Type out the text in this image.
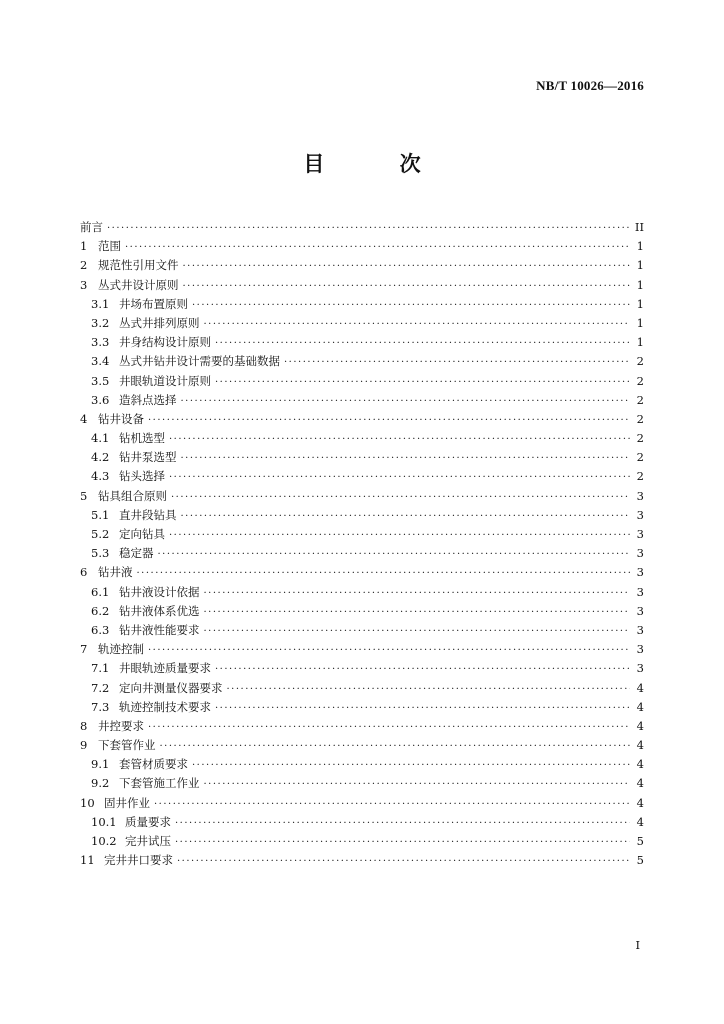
NB/T 10026—2016
目 次
前言 ·····	II
1 范围 ·····	1
2 规范性引用文件 ·····	1
3 丛式井设计原则 ·····	1
3.1 井场布置原则 ·····	1
3.2 丛式井排列原则 ·····	1
3.3 井身结构设计原则 ·····	1
3.4 丛式井钻井设计需要的基础数据 ·····	2
3.5 井眼轨道设计原则 ·····	2
3.6 造斜点选择 ·····	2
4 钻井设备 ·····	2
4.1 钻机选型 ·····	2
4.2 钻井泵选型 ·····	2
4.3 钻头选择 ·····	2
5 钻具组合原则 ·····	3
5.1 直井段钻具 ·····	3
5.2 定向钻具 ·····	3
5.3 稳定器 ·····	3
6 钻井液 ·····	3
6.1 钻井液设计依据 ·····	3
6.2 钻井液体系优选 ·····	3
6.3 钻井液性能要求 ·····	3
7 轨迹控制 ·····	3
7.1 井眼轨迹质量要求 ·····	3
7.2 定向井测量仪器要求 ·····	4
7.3 轨迹控制技术要求 ·····	4
8 井控要求 ·····	4
9 下套管作业 ·····	4
9.1 套管材质要求 ·····	4
9.2 下套管施工作业 ·····	4
10 固井作业 ·····	4
10.1 质量要求 ·····	4
10.2 完井试压 ·····	5
11 完井井口要求 ·····	5
I
